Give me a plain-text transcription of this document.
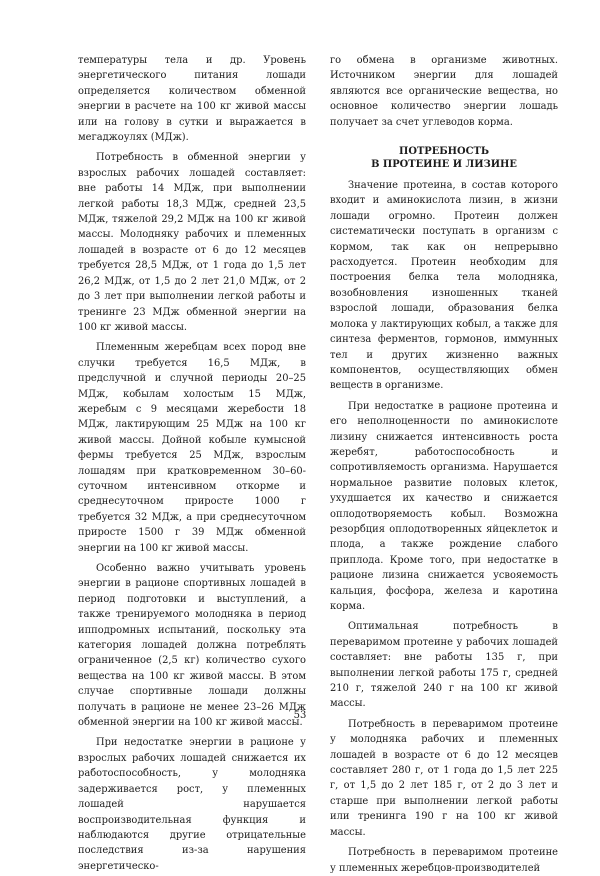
температуры тела и др. Уровень энергетического питания лошади определяется количеством обменной энергии в расчете на 100 кг живой массы или на голову в сутки и выражается в мегаджоулях (МДж).

Потребность в обменной энергии у взрослых рабочих лошадей составляет: вне работы 14 МДж, при выполнении легкой работы 18,3 МДж, средней 23,5 МДж, тяжелой 29,2 МДж на 100 кг живой массы. Молодняку рабочих и племенных лошадей в возрасте от 6 до 12 месяцев требуется 28,5 МДж, от 1 года до 1,5 лет 26,2 МДж, от 1,5 до 2 лет 21,0 МДж, от 2 до 3 лет при выполнении легкой работы и тренинге 23 МДж обменной энергии на 100 кг живой массы.

Племенным жеребцам всех пород вне случки требуется 16,5 МДж, в предслучной и случной периоды 20–25 МДж, кобылам холостым 15 МДж, жеребым с 9 месяцами жеребости 18 МДж, лактирующим 25 МДж на 100 кг живой массы. Дойной кобыле кумысной фермы требуется 25 МДж, взрослым лошадям при кратковременном 30–60-суточном интенсивном откорме и среднесуточном приросте 1000 г требуется 32 МДж, а при среднесуточном приросте 1500 г 39 МДж обменной энергии на 100 кг живой массы.

Особенно важно учитывать уровень энергии в рационе спортивных лошадей в период подготовки и выступлений, а также тренируемого молодняка в период ипподромных испытаний, поскольку эта категория лошадей должна потреблять ограниченное (2,5 кг) количество сухого вещества на 100 кг живой массы. В этом случае спортивные лошади должны получать в рационе не менее 23–26 МДж обменной энергии на 100 кг живой массы.

При недостатке энергии в рационе у взрослых рабочих лошадей снижается их работоспособность, у молодняка задерживается рост, у племенных лошадей нарушается воспроизводительная функция и наблюдаются другие отрицательные последствия из-за нарушения энергетическо-

го обмена в организме животных. Источником энергии для лошадей являются все органические вещества, но основное количество энергии лошадь получает за счет углеводов корма.

ПОТРЕБНОСТЬ
В ПРОТЕИНЕ И ЛИЗИНЕ

Значение протеина, в состав которого входит и аминокислота лизин, в жизни лошади огромно. Протеин должен систематически поступать в организм с кормом, так как он непрерывно расходуется. Протеин необходим для построения белка тела молодняка, возобновления изношенных тканей взрослой лошади, образования белка молока у лактирующих кобыл, а также для синтеза ферментов, гормонов, иммунных тел и других жизненно важных компонентов, осуществляющих обмен веществ в организме.

При недостатке в рационе протеина и его неполноценности по аминокислоте лизину снижается интенсивность роста жеребят, работоспособность и сопротивляемость организма. Нарушается нормальное развитие половых клеток, ухудшается их качество и снижается оплодотворяемость кобыл. Возможна резорбция оплодотворенных яйцеклеток и плода, а также рождение слабого приплода. Кроме того, при недостатке в рационе лизина снижается усвояемость кальция, фосфора, железа и каротина корма.

Оптимальная потребность в переваримом протеине у рабочих лошадей составляет: вне работы 135 г, при выполнении легкой работы 175 г, средней 210 г, тяжелой 240 г на 100 кг живой массы.

Потребность в переваримом протеине у молодняка рабочих и племенных лошадей в возрасте от 6 до 12 месяцев составляет 280 г, от 1 года до 1,5 лет 225 г, от 1,5 до 2 лет 185 г, от 2 до 3 лет и старше при выполнении легкой работы или тренинга 190 г на 100 кг живой массы.

Потребность в переваримом протеине у племенных жеребцов-производителей

53
